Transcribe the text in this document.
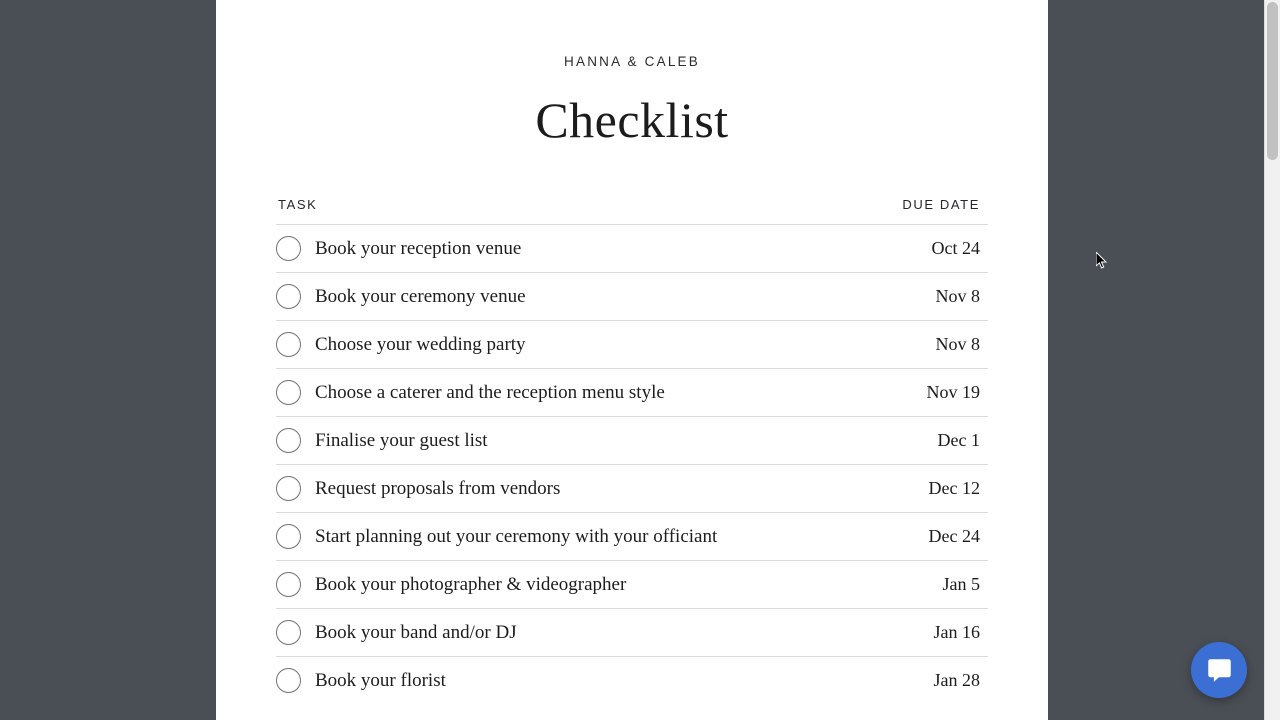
HANNA & CALEB
Checklist
TASK	DUE DATE
Book your reception venue	Oct 24
Book your ceremony venue	Nov 8
Choose your wedding party	Nov 8
Choose a caterer and the reception menu style	Nov 19
Finalise your guest list	Dec 1
Request proposals from vendors	Dec 12
Start planning out your ceremony with your officiant	Dec 24
Book your photographer & videographer	Jan 5
Book your band and/or DJ	Jan 16
Book your florist	Jan 28
